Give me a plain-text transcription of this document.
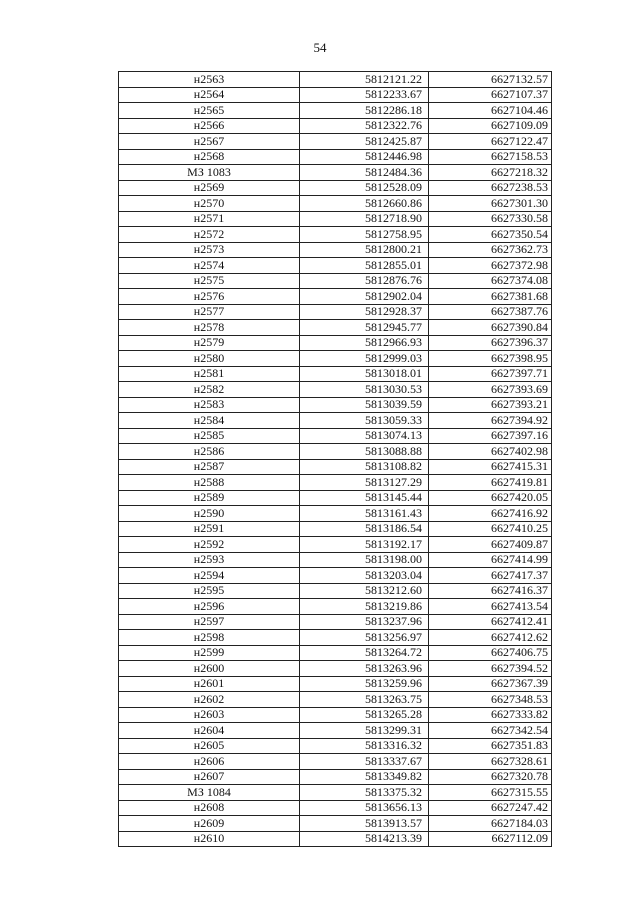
54
н2563	5812121.22	6627132.57
н2564	5812233.67	6627107.37
н2565	5812286.18	6627104.46
н2566	5812322.76	6627109.09
н2567	5812425.87	6627122.47
н2568	5812446.98	6627158.53
МЗ 1083	5812484.36	6627218.32
н2569	5812528.09	6627238.53
н2570	5812660.86	6627301.30
н2571	5812718.90	6627330.58
н2572	5812758.95	6627350.54
н2573	5812800.21	6627362.73
н2574	5812855.01	6627372.98
н2575	5812876.76	6627374.08
н2576	5812902.04	6627381.68
н2577	5812928.37	6627387.76
н2578	5812945.77	6627390.84
н2579	5812966.93	6627396.37
н2580	5812999.03	6627398.95
н2581	5813018.01	6627397.71
н2582	5813030.53	6627393.69
н2583	5813039.59	6627393.21
н2584	5813059.33	6627394.92
н2585	5813074.13	6627397.16
н2586	5813088.88	6627402.98
н2587	5813108.82	6627415.31
н2588	5813127.29	6627419.81
н2589	5813145.44	6627420.05
н2590	5813161.43	6627416.92
н2591	5813186.54	6627410.25
н2592	5813192.17	6627409.87
н2593	5813198.00	6627414.99
н2594	5813203.04	6627417.37
н2595	5813212.60	6627416.37
н2596	5813219.86	6627413.54
н2597	5813237.96	6627412.41
н2598	5813256.97	6627412.62
н2599	5813264.72	6627406.75
н2600	5813263.96	6627394.52
н2601	5813259.96	6627367.39
н2602	5813263.75	6627348.53
н2603	5813265.28	6627333.82
н2604	5813299.31	6627342.54
н2605	5813316.32	6627351.83
н2606	5813337.67	6627328.61
н2607	5813349.82	6627320.78
МЗ 1084	5813375.32	6627315.55
н2608	5813656.13	6627247.42
н2609	5813913.57	6627184.03
н2610	5814213.39	6627112.09
